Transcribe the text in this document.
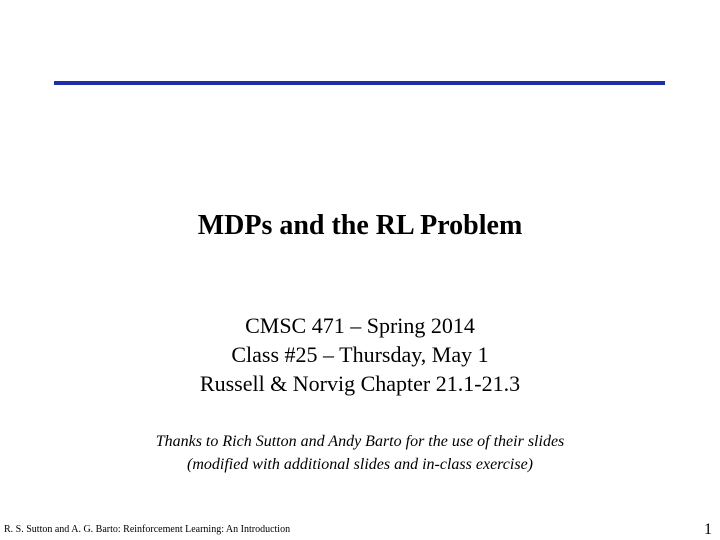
MDPs and the RL Problem
CMSC 471 – Spring 2014
Class #25 – Thursday, May 1
Russell & Norvig Chapter 21.1-21.3
Thanks to Rich Sutton and Andy Barto for the use of their slides
(modified with additional slides and in-class exercise)
R. S. Sutton and A. G. Barto: Reinforcement Learning: An Introduction	1
